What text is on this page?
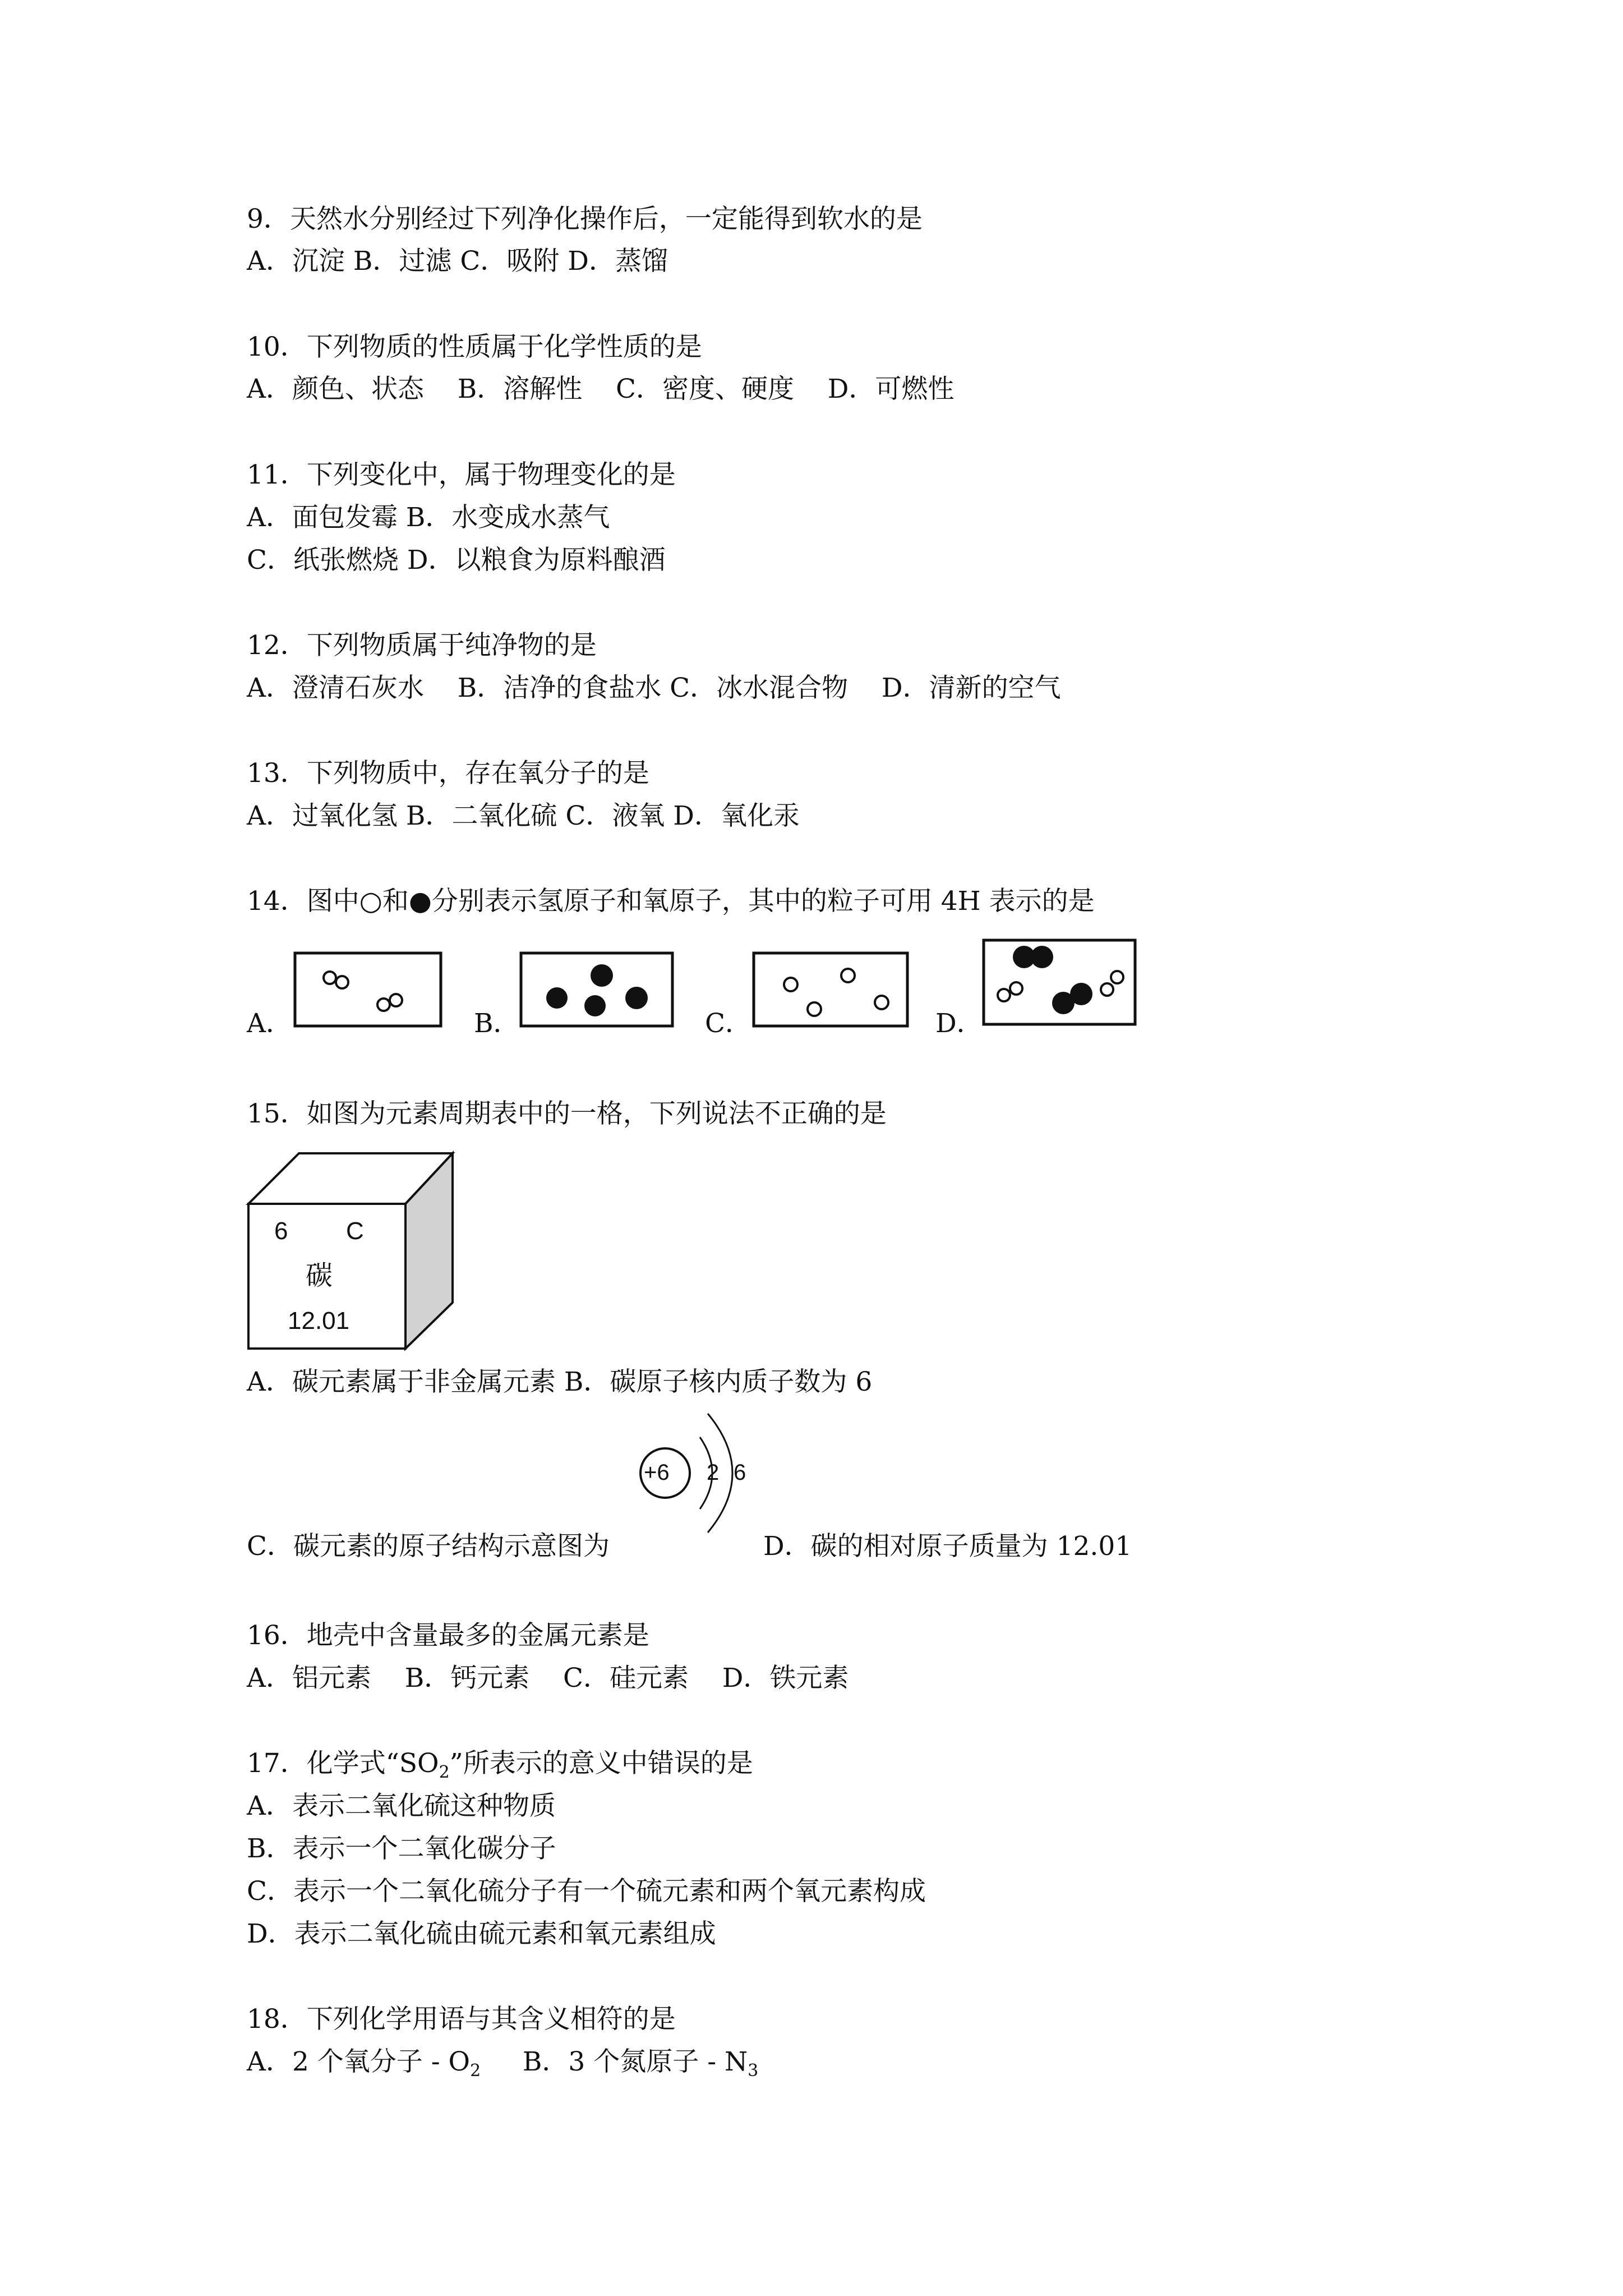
9．天然水分别经过下列净化操作后，一定能得到软水的是
A．沉淀 B．过滤 C．吸附 D．蒸馏
10．下列物质的性质属于化学性质的是
A．颜色、状态    B．溶解性    C．密度、硬度    D．可燃性
11．下列变化中，属于物理变化的是
A．面包发霉 B．水变成水蒸气
C．纸张燃烧 D．以粮食为原料酿酒
12．下列物质属于纯净物的是
A．澄清石灰水    B．洁净的食盐水 C．冰水混合物    D．清新的空气
13．下列物质中，存在氧分子的是
A．过氧化氢 B．二氧化硫 C．液氧 D．氧化汞
14．图中○和●分别表示氢原子和氧原子，其中的粒子可用 4H 表示的是
A．	B．	C．	D．
15．如图为元素周期表中的一格，下列说法不正确的是
6 C
碳
12.01
A．碳元素属于非金属元素 B．碳原子核内质子数为 6
C．碳元素的原子结构示意图为
+6 2 6
D．碳的相对原子质量为 12.01
16．地壳中含量最多的金属元素是
A．铝元素    B．钙元素    C．硅元素    D．铁元素
17．化学式“$SO_2$”所表示的意义中错误的是
A．表示二氧化硫这种物质
B．表示一个二氧化碳分子
C．表示一个二氧化硫分子有一个硫元素和两个氧元素构成
D．表示二氧化硫由硫元素和氧元素组成
18．下列化学用语与其含义相符的是
A．2 个氧分子 - $O_2$     B．3 个氮原子 - $N_3$
